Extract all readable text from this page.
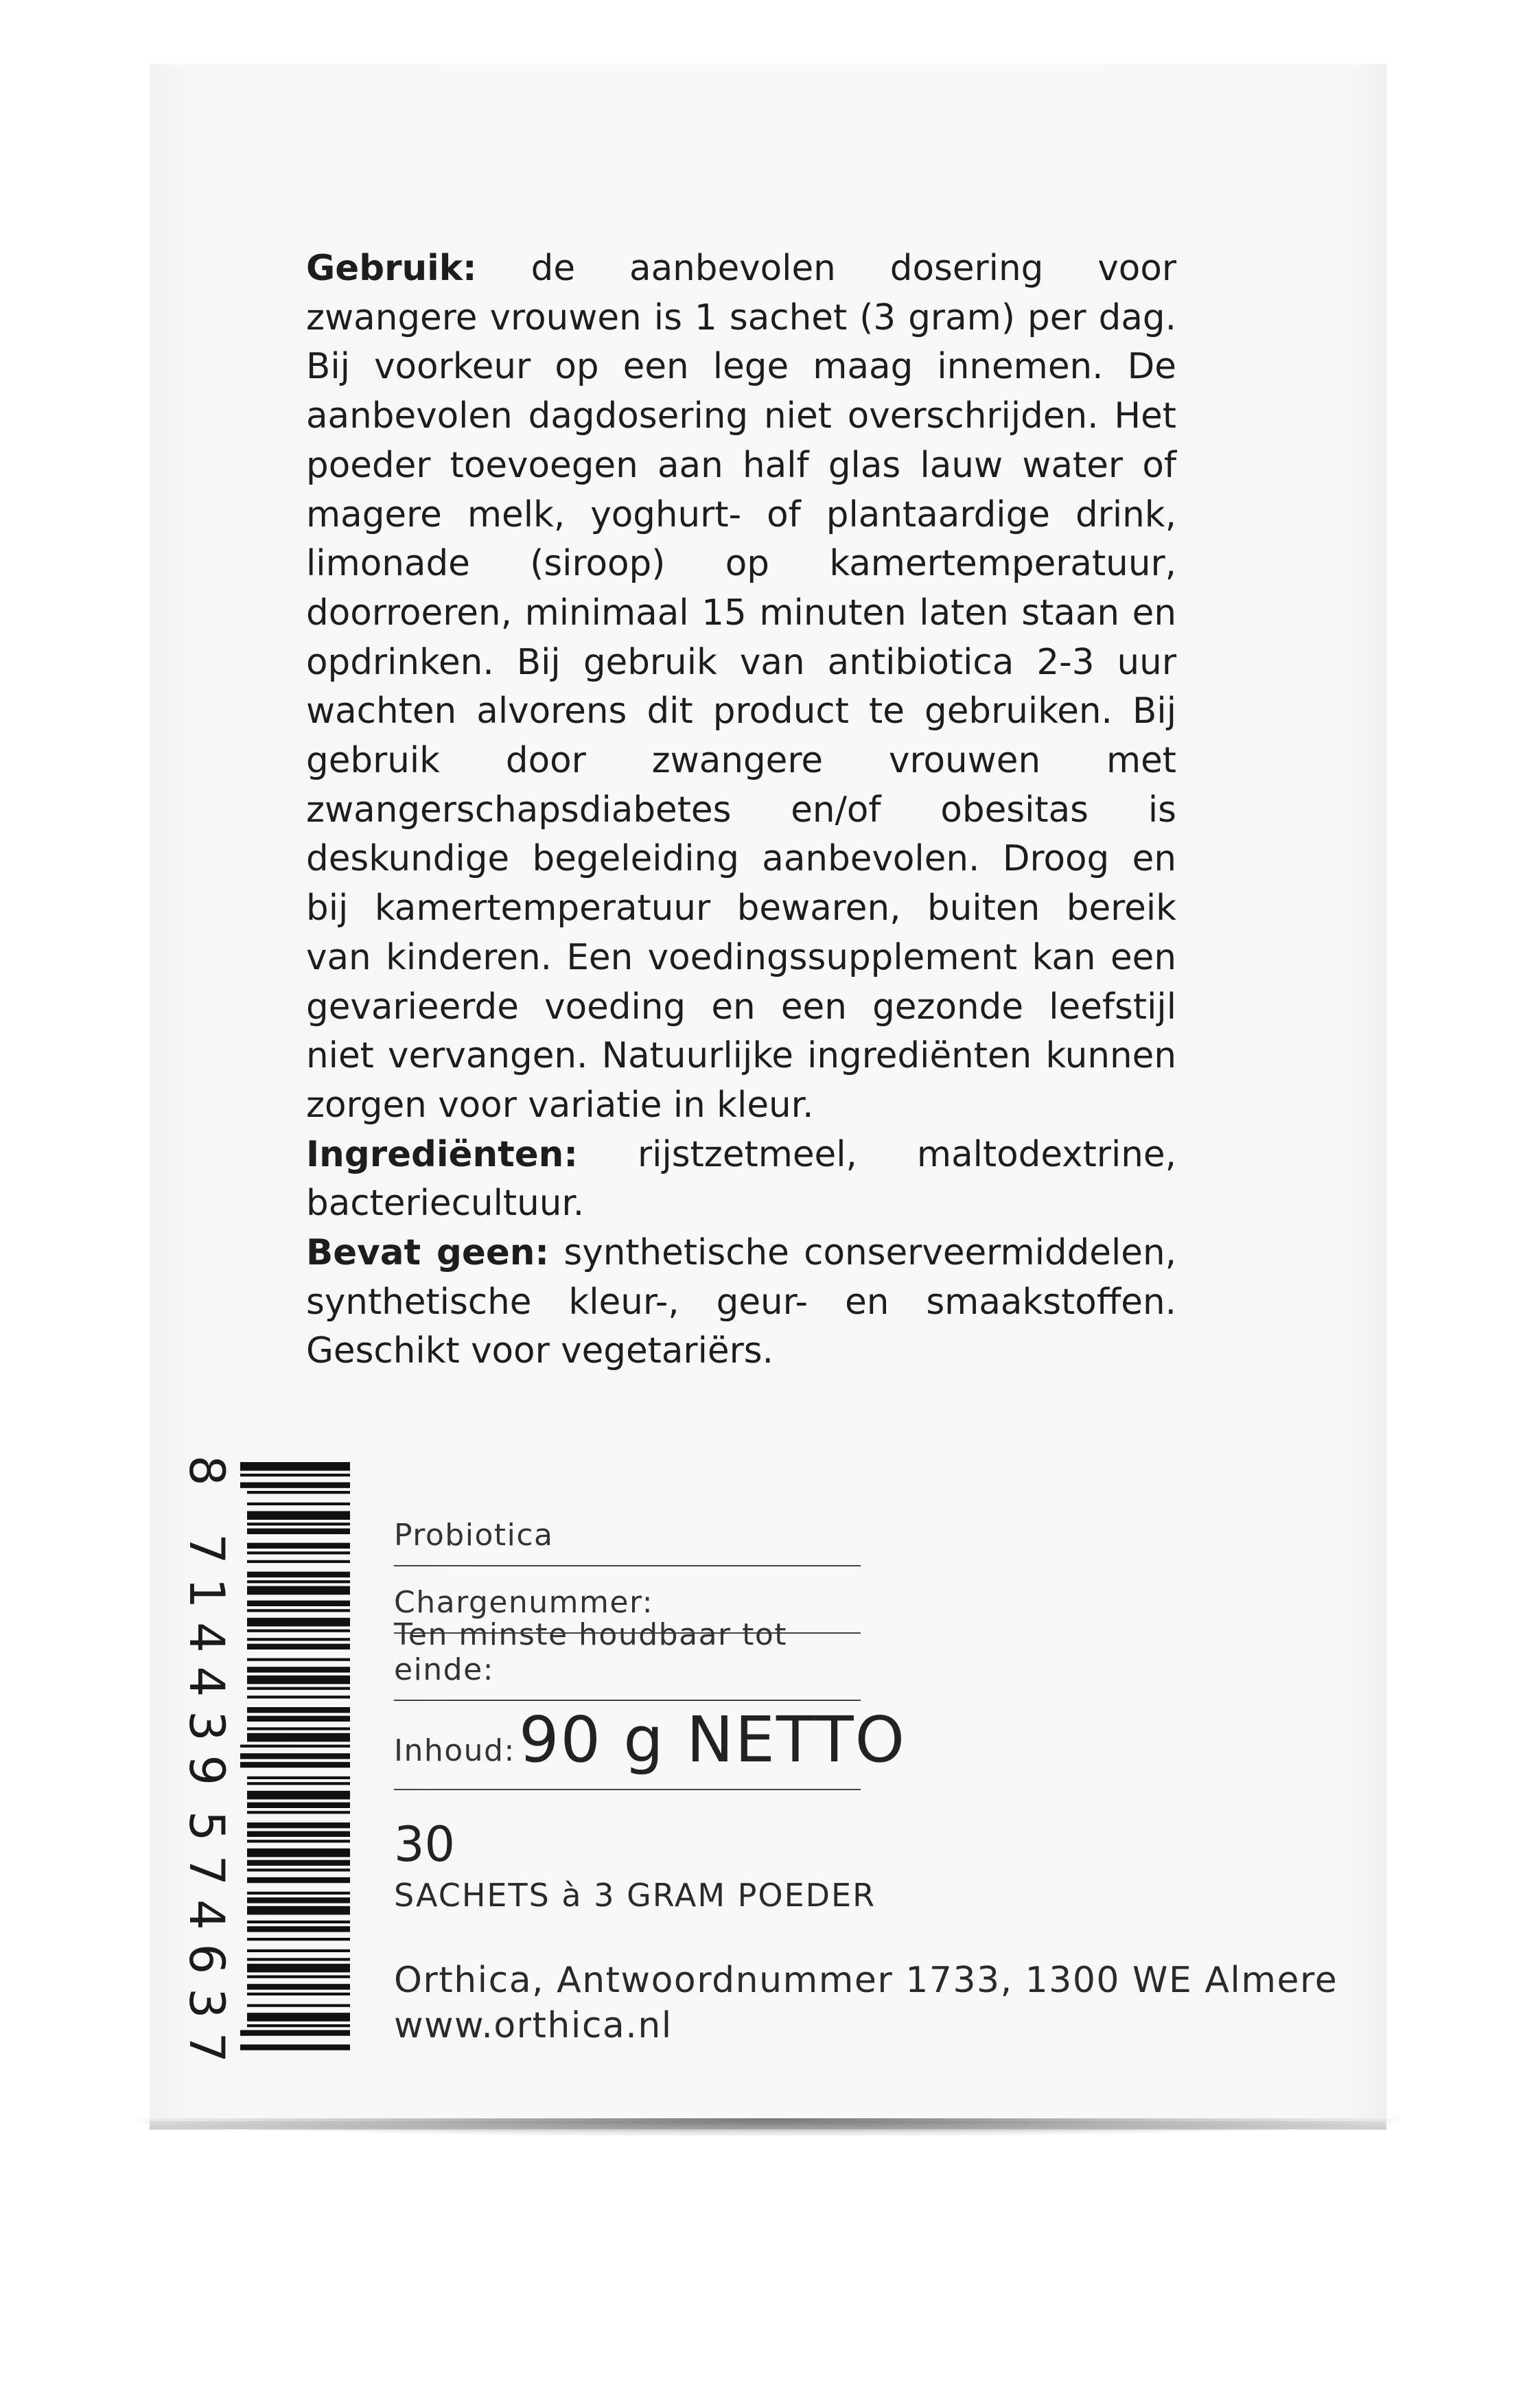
Gebruik: de aanbevolen dosering voor zwangere vrouwen is 1 sachet (3 gram) per dag. Bij voorkeur op een lege maag innemen. De aanbevolen dagdosering niet overschrijden. Het poeder toevoegen aan half glas lauw water of magere melk, yoghurt- of plantaardige drink, limonade (siroop) op kamertemperatuur, doorroeren, minimaal 15 minuten laten staan en opdrinken. Bij gebruik van antibiotica 2-3 uur wachten alvorens dit product te gebruiken. Bij gebruik door zwangere vrouwen met zwangerschapsdiabetes en/of obesitas is deskundige begeleiding aanbevolen. Droog en bij kamertemperatuur bewaren, buiten bereik van kinderen. Een voedingssupplement kan een gevarieerde voeding en een gezonde leefstijl niet vervangen. Natuurlijke ingrediënten kunnen zorgen voor variatie in kleur.

Ingrediënten: rijstzetmeel, maltodextrine, bacteriecultuur.

Bevat geen: synthetische conserveermiddelen, synthetische kleur-, geur- en smaakstoffen. Geschikt voor vegetariërs.

8
714439
574637
Probiotica
Chargenummer:
Ten minste houdbaar tot einde:
Inhoud: 90 g NETTO
30
SACHETS à 3 GRAM POEDER
Orthica, Antwoordnummer 1733, 1300 WE Almere
www.orthica.nl
